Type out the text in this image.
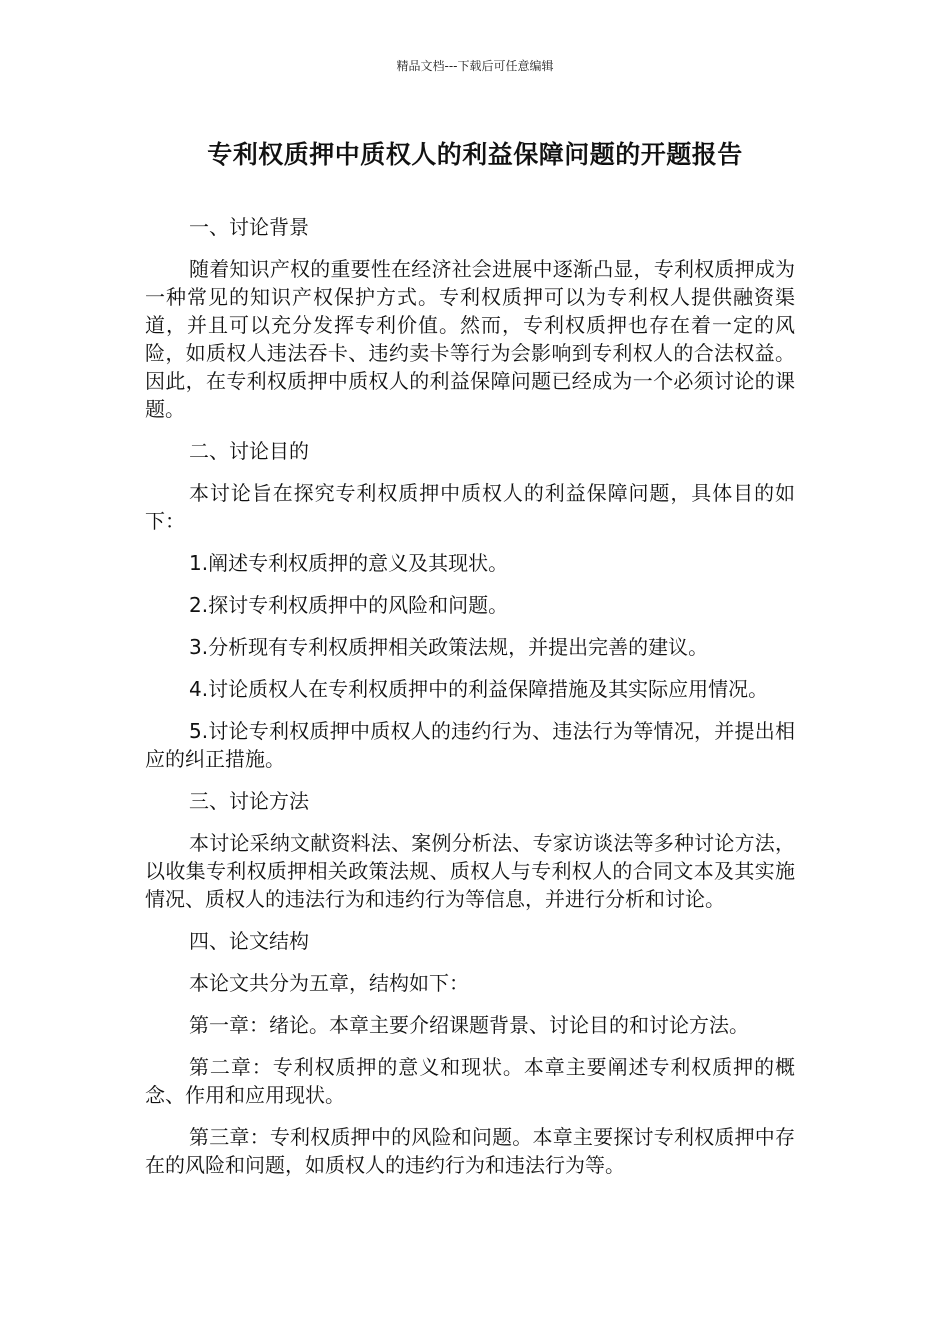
精品文档---下载后可任意编辑
专利权质押中质权人的利益保障问题的开题报告

一、讨论背景

随着知识产权的重要性在经济社会进展中逐渐凸显，专利权质押成为一种常见的知识产权保护方式。专利权质押可以为专利权人提供融资渠道，并且可以充分发挥专利价值。然而，专利权质押也存在着一定的风险，如质权人违法吞卡、违约卖卡等行为会影响到专利权人的合法权益。因此，在专利权质押中质权人的利益保障问题已经成为一个必须讨论的课题。

二、讨论目的

本讨论旨在探究专利权质押中质权人的利益保障问题，具体目的如下：

1.阐述专利权质押的意义及其现状。

2.探讨专利权质押中的风险和问题。

3.分析现有专利权质押相关政策法规，并提出完善的建议。

4.讨论质权人在专利权质押中的利益保障措施及其实际应用情况。

5.讨论专利权质押中质权人的违约行为、违法行为等情况，并提出相应的纠正措施。

三、讨论方法

本讨论采纳文献资料法、案例分析法、专家访谈法等多种讨论方法，以收集专利权质押相关政策法规、质权人与专利权人的合同文本及其实施情况、质权人的违法行为和违约行为等信息，并进行分析和讨论。

四、论文结构

本论文共分为五章，结构如下：

第一章：绪论。本章主要介绍课题背景、讨论目的和讨论方法。

第二章：专利权质押的意义和现状。本章主要阐述专利权质押的概念、作用和应用现状。

第三章：专利权质押中的风险和问题。本章主要探讨专利权质押中存在的风险和问题，如质权人的违约行为和违法行为等。
